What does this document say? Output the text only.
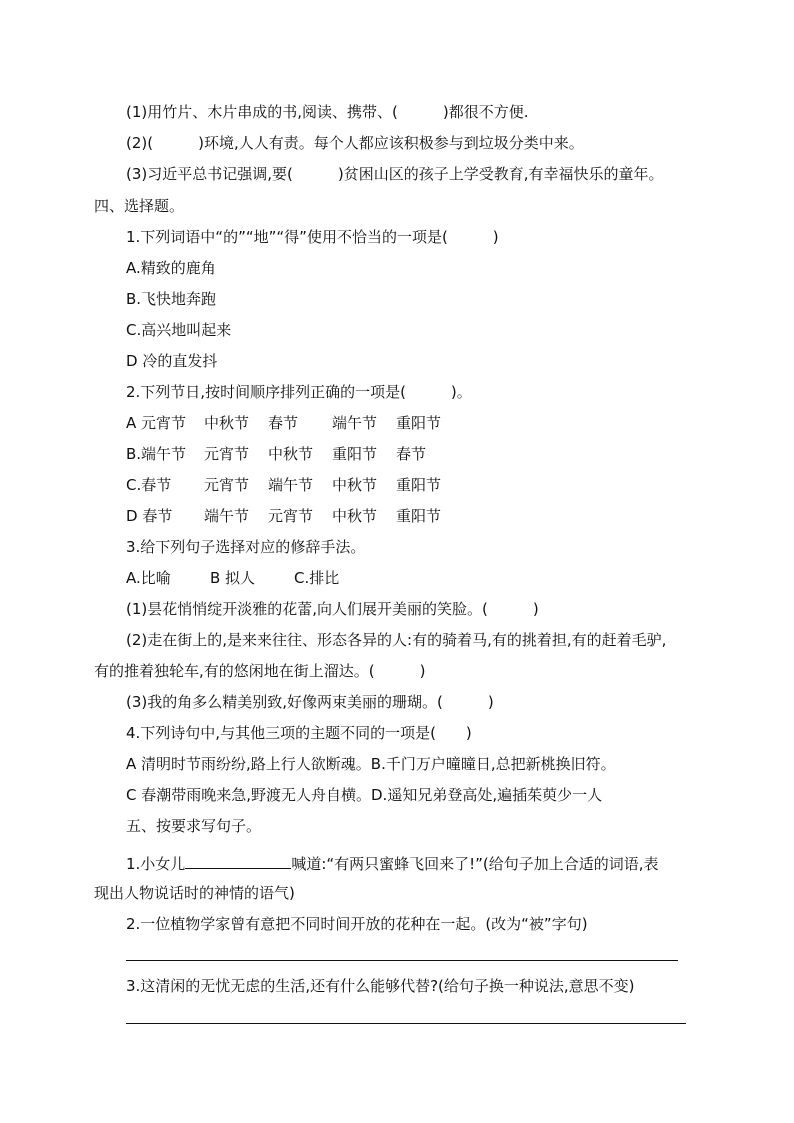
(1)用竹片、木片串成的书,阅读、携带、(　　　)都很不方便.
(2)(　　　)环境,人人有责。每个人都应该积极参与到垃圾分类中来。
(3)习近平总书记强调,要(　　　)贫困山区的孩子上学受教育,有幸福快乐的童年。
四、选择题。
1.下列词语中“的”“地”“得”使用不恰当的一项是(　　　)
A.精致的鹿角
B.飞快地奔跑
C.高兴地叫起来
D 冷的直发抖
2.下列节日,按时间顺序排列正确的一项是(　　　)。
A 元宵节 中秋节 春节 端午节 重阳节
B.端午节 元宵节 中秋节 重阳节 春节
C.春节 元宵节 端午节 中秋节 重阳节
D 春节 端午节 元宵节 中秋节 重阳节
3.给下列句子选择对应的修辞手法。
A.比喻	B 拟人	C.排比
(1)昙花悄悄绽开淡雅的花蕾,向人们展开美丽的笑脸。(　　　)
(2)走在街上的,是来来往往、形态各异的人:有的骑着马,有的挑着担,有的赶着毛驴,
有的推着独轮车,有的悠闲地在街上溜达。(　　　)
(3)我的角多么精美别致,好像两束美丽的珊瑚。(　　　)
4.下列诗句中,与其他三项的主题不同的一项是(　　)
A 清明时节雨纷纷,路上行人欲断魂。B.千门万户曈曈日,总把新桃换旧符。
C 春潮带雨晚来急,野渡无人舟自横。D.遥知兄弟登高处,遍插茱萸少一人
五、按要求写句子。
1.小女儿	喊道:“有两只蜜蜂飞回来了!”(给句子加上合适的词语,表
现出人物说话时的神情的语气)
2.一位植物学家曾有意把不同时间开放的花种在一起。(改为“被”字句)
3.这清闲的无忧无虑的生活,还有什么能够代替?(给句子换一种说法,意思不变)
